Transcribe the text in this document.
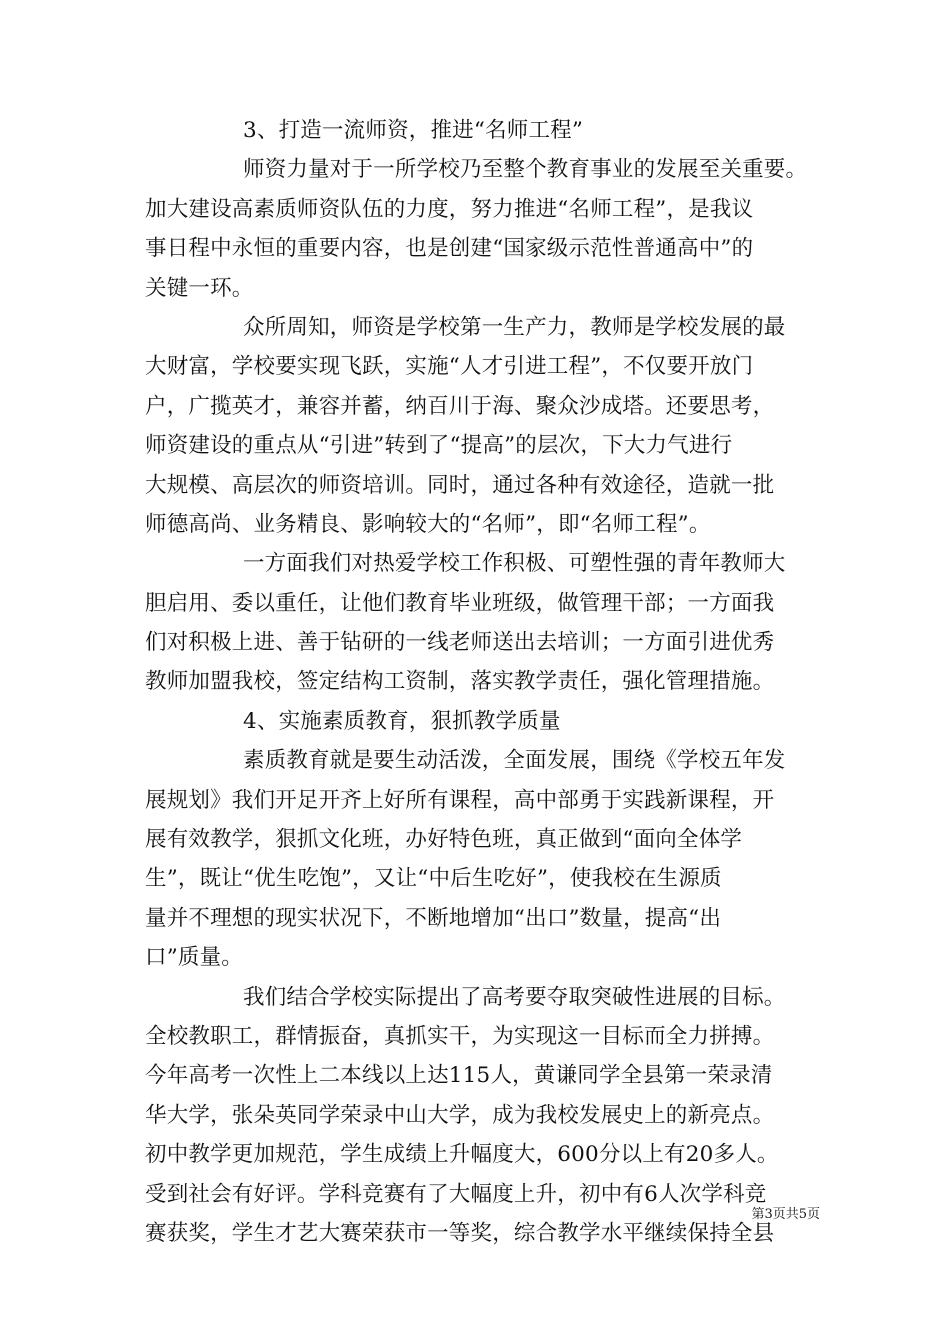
3、打造一流师资，推进“名师工程”
师资力量对于一所学校乃至整个教育事业的发展至关重要。
加大建设高素质师资队伍的力度，努力推进“名师工程”，是我议
事日程中永恒的重要内容，也是创建“国家级示范性普通高中”的
关键一环。
众所周知，师资是学校第一生产力，教师是学校发展的最
大财富，学校要实现飞跃，实施“人才引进工程”，不仅要开放门
户，广揽英才，兼容并蓄，纳百川于海、聚众沙成塔。还要思考，
师资建设的重点从“引进”转到了“提高”的层次，下大力气进行
大规模、高层次的师资培训。同时，通过各种有效途径，造就一批
师德高尚、业务精良、影响较大的“名师”，即“名师工程”。
一方面我们对热爱学校工作积极、可塑性强的青年教师大
胆启用、委以重任，让他们教育毕业班级，做管理干部；一方面我
们对积极上进、善于钻研的一线老师送出去培训；一方面引进优秀
教师加盟我校，签定结构工资制，落实教学责任，强化管理措施。
4、实施素质教育，狠抓教学质量
素质教育就是要生动活泼，全面发展，围绕《学校五年发
展规划》我们开足开齐上好所有课程，高中部勇于实践新课程，开
展有效教学，狠抓文化班，办好特色班，真正做到“面向全体学
生”，既让“优生吃饱”，又让“中后生吃好”，使我校在生源质
量并不理想的现实状况下，不断地增加“出口”数量，提高“出
口”质量。
我们结合学校实际提出了高考要夺取突破性进展的目标。
全校教职工，群情振奋，真抓实干，为实现这一目标而全力拼搏。
今年高考一次性上二本线以上达115人，黄谦同学全县第一荣录清
华大学，张朵英同学荣录中山大学，成为我校发展史上的新亮点。
初中教学更加规范，学生成绩上升幅度大，600分以上有20多人。
受到社会有好评。学科竞赛有了大幅度上升，初中有6人次学科竞
赛获奖，学生才艺大赛荣获市一等奖，综合教学水平继续保持全县
第3页共5页
